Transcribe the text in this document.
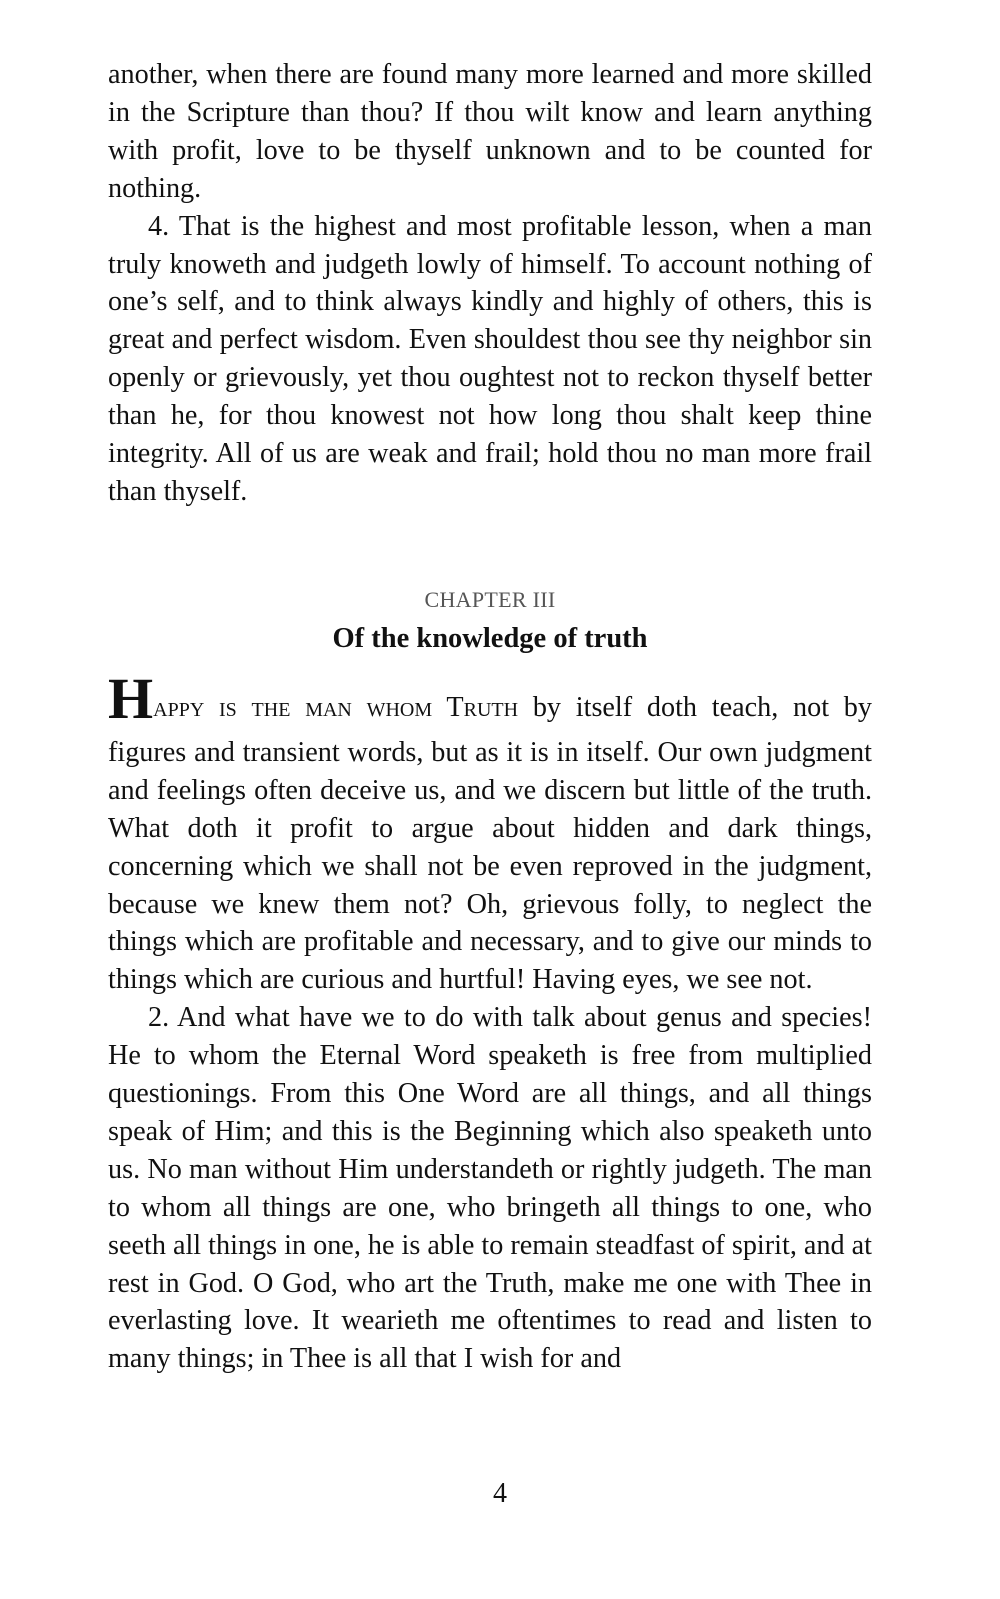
another, when there are found many more learned and more skilled in the Scripture than thou? If thou wilt know and learn anything with profit, love to be thyself unknown and to be counted for nothing.

4. That is the highest and most profitable lesson, when a man truly knoweth and judgeth lowly of himself. To account nothing of one’s self, and to think always kindly and highly of others, this is great and perfect wisdom. Even shouldest thou see thy neighbor sin openly or grievously, yet thou oughtest not to reckon thyself better than he, for thou knowest not how long thou shalt keep thine integrity. All of us are weak and frail; hold thou no man more frail than thyself.

CHAPTER III

Of the knowledge of truth

Happy is the man whom Truth by itself doth teach, not by

figures and transient words, but as it is in itself. Our own judgment and feelings often deceive us, and we discern but little of the truth. What doth it profit to argue about hidden and dark things, concerning which we shall not be even reproved in the judgment, because we knew them not? Oh, grievous folly, to neglect the things which are profitable and necessary, and to give our minds to things which are curious and hurtful! Having eyes, we see not.

2. And what have we to do with talk about genus and species! He to whom the Eternal Word speaketh is free from multiplied questionings. From this One Word are all things, and all things speak of Him; and this is the Beginning which also speaketh unto us. No man without Him understandeth or rightly judgeth. The man to whom all things are one, who bringeth all things to one, who seeth all things in one, he is able to remain steadfast of spirit, and at rest in God. O God, who art the Truth, make me one with Thee in everlasting love. It wearieth me oftentimes to read and listen to many things; in Thee is all that I wish for and

4
